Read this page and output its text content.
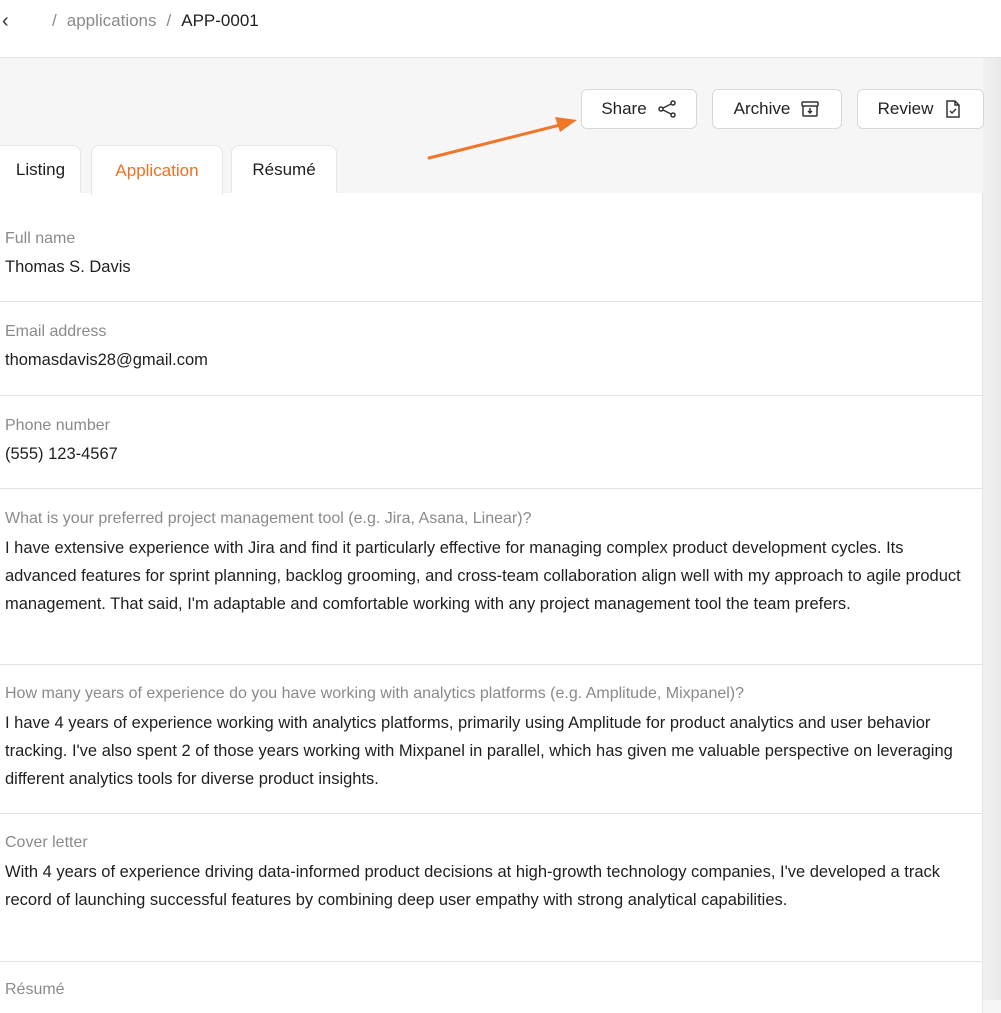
‹	/ applications / APP-0001
Share	Archive	Review
Listing	Application	Résumé
Full name
Thomas S. Davis
Email address
thomasdavis28@gmail.com
Phone number
(555) 123-4567
What is your preferred project management tool (e.g. Jira, Asana, Linear)?
I have extensive experience with Jira and find it particularly effective for managing complex product development cycles. Its advanced features for sprint planning, backlog grooming, and cross-team collaboration align well with my approach to agile product management. That said, I'm adaptable and comfortable working with any project management tool the team prefers.
How many years of experience do you have working with analytics platforms (e.g. Amplitude, Mixpanel)?
I have 4 years of experience working with analytics platforms, primarily using Amplitude for product analytics and user behavior tracking. I've also spent 2 of those years working with Mixpanel in parallel, which has given me valuable perspective on leveraging different analytics tools for diverse product insights.
Cover letter
With 4 years of experience driving data-informed product decisions at high-growth technology companies, I've developed a track record of launching successful features by combining deep user empathy with strong analytical capabilities.
Résumé
